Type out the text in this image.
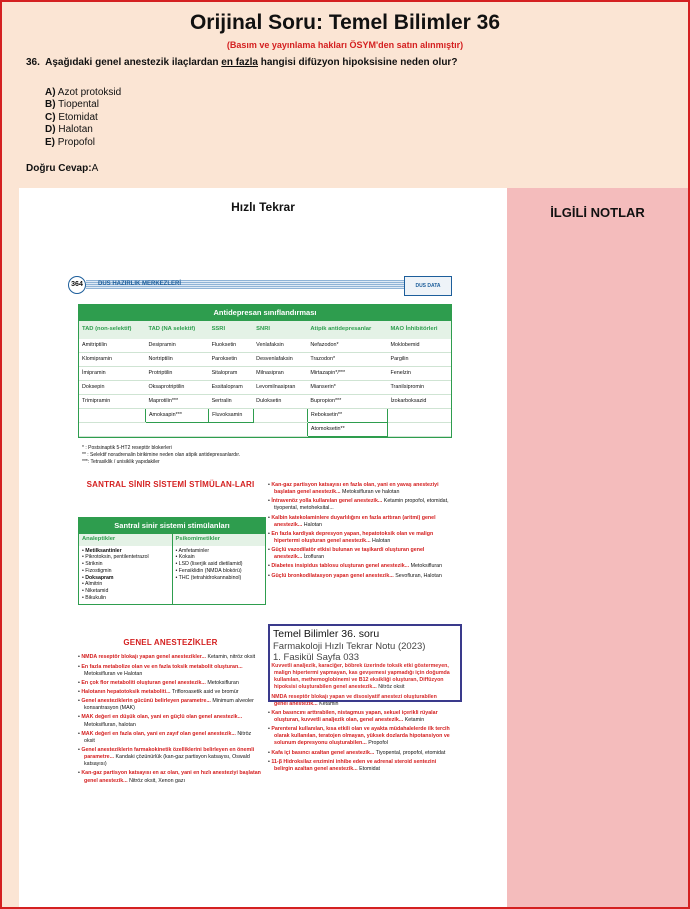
Orijinal Soru: Temel Bilimler 36
(Basım ve yayınlama hakları ÖSYM'den satın alınmıştır)
36. Aşağıdaki genel anestezik ilaçlardan en fazla hangisi difüzyon hipoksisine neden olur?
A) Azot protoksid
B) Tiopental
C) Etomidat
D) Halotan
E) Propofol
Doğru Cevap:A
Hızlı Tekrar	İLGİLİ NOTLAR
364	DUS HAZIRLIK MERKEZLERİ	DUS DATA
Antidepresan sınıflandırması
TAD (non-selektif)	TAD (NA selektif)	SSRI	SNRI	Atipik antidepresanlar	MAO İnhibitörleri
Amitriptilin	Desipramin	Fluoksetin	Venlafaksin	Nefazodon*	Moklobemid
Klomipramin	Nortriptilin	Paroksetin	Desvenlafaksin	Trazodon*	Pargilin
İmipramin	Protriptilin	Sitalopram	Milnasipran	Mirtazapin*/***	Fenelzin
Doksepin	Oksaprotriptilin	Essitalopram	Levomilnasipran	Mianserin*	Tranilsipromin
Trimipramin	Maprotilin***	Sertralin	Duloksetin	Bupropion***	İzokarboksazid
	Amoksapin***	Fluvoksamin		Reboksetin**	
				Atomoksetin**	
* : Postsinaptik 5-HT2 reseptör blokerleri
** : Selektif noradrenalin birikimine neden olan atipik antidepresanlardır.
***: Tetrasiklik / unisiklik yapıdakiler
SANTRAL SİNİR SİSTEMİ STİMÜLAN-LARI
Santral sinir sistemi stimülanları
Analeptikler
• Metilksantinler
• Pikrotoksin, pentilentetrazol
• Striknin
• Fizostigmin
• Doksapram
• Almitrin
• Niketamid
• Bikukulin
Psikomimetikler
• Amfetaminler
• Kokain
• LSD (liserjik asid dietilamid)
• Fensiklidin (NMDA blokörü)
• THC (tetrahidrokannabinol)
GENEL ANESTEZİKLER
• NMDA reseptör blokajı yapan genel anestezikler... Ketamin, nitröz oksit
• En fazla metabolize olan ve en fazla toksik metabolit oluşturan... Metoksifluran ve Halotan
• En çok flor metaboliti oluşturan genel anestezik... Metoksifluran
• Halotanın hepatotoksik metaboliti... Trifloroasetik asid ve bromür
• Genel anesteziklerin gücünü belirleyen parametre... Minimum alveoler konsantrasyon (MAK)
• MAK değeri en düşük olan, yani en güçlü olan genel anestezik... Metoksifluran, halotan
• MAK değeri en fazla olan, yani en zayıf olan genel anestezik... Nitröz oksit
• Genel anesteziklerin farmakokinetik özelliklerini belirleyen en önemli parametre... Kandaki çözünürlük (kan-gaz partisyon katsayısı, Oswald katsayısı)
• Kan-gaz partisyon katsayısı en az olan, yani en hızlı anesteziyi başlatan genel anestezik... Nitröz oksit, Xenon gazı
• Kan-gaz partisyon katsayısı en fazla olan, yani en yavaş anesteziyi başlatan genel anestezik... Metoksifluran ve halotan
• İntravenöz yolla kullanılan genel anestezik... Ketamin propofol, etomidat, tiyopental, metoheksital...
• Kalbin katekolaminlere duyarlılığını en fazla arttıran (aritmi) genel anestezik... Halotan
• En fazla kardiyak depresyon yapan, hepatotoksik olan ve malign hipertermi oluşturan genel anestezik... Halotan
• Güçlü vazodilatör etkisi bulunan ve taşikardi oluşturan genel anestezik... İzofluran
• Diabetes insipidus tablosu oluşturan genel anestezik... Metoksifluran
• Güçlü bronkodilatasyon yapan genel anestezik... Sevofluran, Halotan
• Kuvvetli analjezik, karaciğer, böbrek üzerinde toksik etki göstermeyen, malign hipertermi yapmayan, kas gevşemesi yapmadığı için doğumda kullanılan, methemoglobinemi ve B12 eksikliği oluşturan, Diffüzyon hipoksisi oluşturabilen genel anestezik... Nitröz oksit
• NMDA reseptör blokajı yapan ve disosiyatif anestezi oluşturabilen genel anestezik... Ketamin
• Kan basıncını arttırabilen, nistagmus yapan, sekuel içerikli rüyalar oluşturan, kuvvetli analjezik olan, genel anestezik... Ketamin
• Parenteral kullanılan, kısa etkili olan ve ayakta müdahalelerde ilk tercih olarak kullanılan, teratojen olmayan, yüksek dozlarda hipotansiyon ve solunum depresyonu oluşturabilen... Propofol
• Kafa içi basıncı azaltan genel anestezik... Tiyopental, propofol, etomidat
• 11-β Hidroksilaz enzimini inhibe eden ve adrenal steroid sentezini belirgin azaltan genel anestezik... Etomidat
Temel Bilimler 36. soru
Farmakoloji Hızlı Tekrar Notu (2023)
1. Fasikül Sayfa 033
